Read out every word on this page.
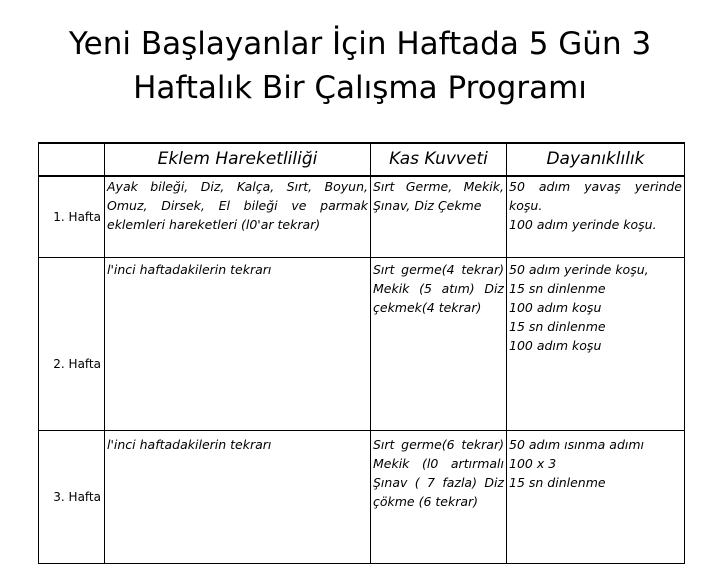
Yeni Başlayanlar İçin Haftada 5 Gün 3
Haftalık Bir Çalışma Programı
	Eklem Hareketliliği	Kas Kuvveti	Dayanıklılık
1. Hafta	Ayak bileği, Diz, Kalça, Sırt, Boyun, Omuz, Dirsek, El bileği ve parmak eklemleri hareketleri (l0'ar tekrar)	Sırt Germe, Mekik, Şınav, Diz Çekme	50 adım yavaş yerinde koşu.
100 adım yerinde koşu.
2. Hafta	l'inci haftadakilerin tekrarı	Sırt germe(4 tekrar) Mekik (5 atım) Diz çekmek(4 tekrar)	50 adım yerinde koşu,
15 sn dinlenme
100 adım koşu
15 sn dinlenme
100 adım koşu
3. Hafta	l'inci haftadakilerin tekrarı	Sırt germe(6 tekrar) Mekik (l0 artırmalı Şınav ( 7 fazla) Diz çökme (6 tekrar)	50 adım ısınma adımı
100 x 3
15 sn dinlenme
